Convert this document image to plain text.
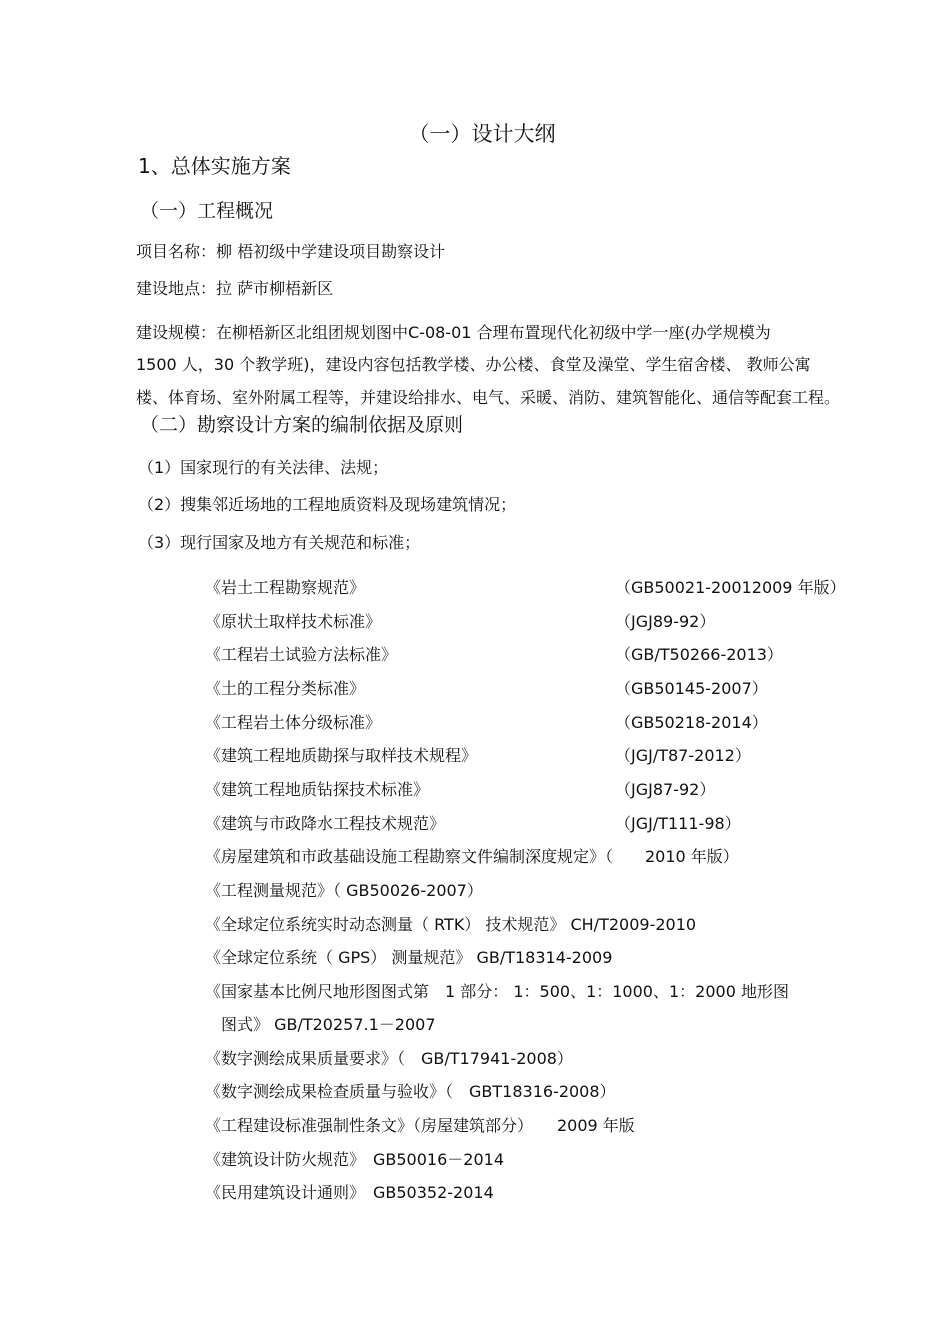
（一）设计大纲
1、总体实施方案
（一）工程概况
项目名称：柳 梧初级中学建设项目勘察设计
建设地点：拉 萨市柳梧新区
建设规模：在柳梧新区北组团规划图中C-08-01 合理布置现代化初级中学一座(办学规模为
1500 人，30 个教学班)，建设内容包括教学楼、办公楼、食堂及澡堂、学生宿舍楼、 教师公寓
楼、体育场、室外附属工程等，并建设给排水、电气、采暖、消防、建筑智能化、通信等配套工程。
（二）勘察设计方案的编制依据及原则
（1）国家现行的有关法律、法规；
（2）搜集邻近场地的工程地质资料及现场建筑情况；
（3）现行国家及地方有关规范和标准；
《岩土工程勘察规范》	（GB50021-20012009 年版）
《原状土取样技术标准》	（JGJ89-92）
《工程岩土试验方法标准》	（GB/T50266-2013）
《土的工程分类标准》	（GB50145-2007）
《工程岩土体分级标准》	（GB50218-2014）
《建筑工程地质勘探与取样技术规程》	（JGJ/T87-2012）
《建筑工程地质钻探技术标准》	（JGJ87-92）
《建筑与市政降水工程技术规范》	（JGJ/T111-98）
《房屋建筑和市政基础设施工程勘察文件编制深度规定》（　　2010 年版）
《工程测量规范》（ GB50026-2007）
《全球定位系统实时动态测量（ RTK） 技术规范》 CH/T2009-2010
《全球定位系统（ GPS） 测量规范》 GB/T18314-2009
《国家基本比例尺地形图图式第　1 部分： 1：500、1：1000、1：2000 地形图
　图式》 GB/T20257.1－2007
《数字测绘成果质量要求》（　GB/T17941-2008）
《数字测绘成果检查质量与验收》（　GBT18316-2008）
《工程建设标准强制性条文》（房屋建筑部分）　　2009 年版
《建筑设计防火规范》　GB50016－2014
《民用建筑设计通则》　GB50352-2014
